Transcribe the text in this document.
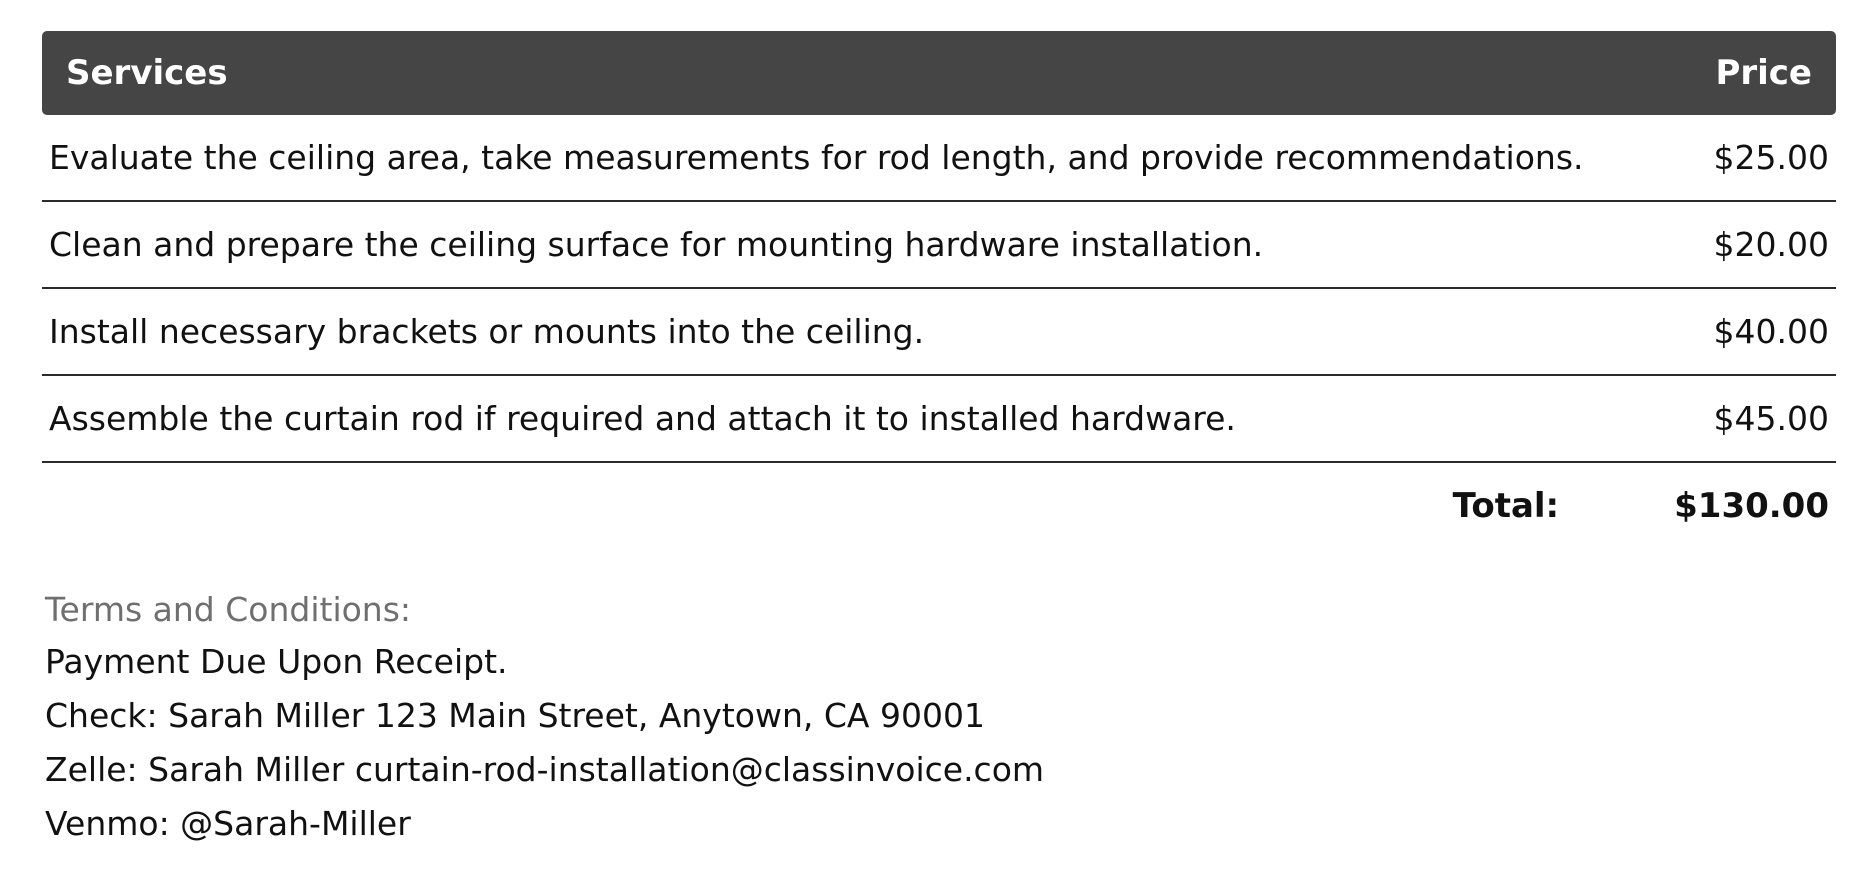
Services	Price
Evaluate the ceiling area, take measurements for rod length, and provide recommendations.	$25.00
Clean and prepare the ceiling surface for mounting hardware installation.	$20.00
Install necessary brackets or mounts into the ceiling.	$40.00
Assemble the curtain rod if required and attach it to installed hardware.	$45.00
Total:	$130.00
Terms and Conditions:
Payment Due Upon Receipt.
Check: Sarah Miller 123 Main Street, Anytown, CA 90001
Zelle: Sarah Miller curtain-rod-installation@classinvoice.com
Venmo: @Sarah-Miller
